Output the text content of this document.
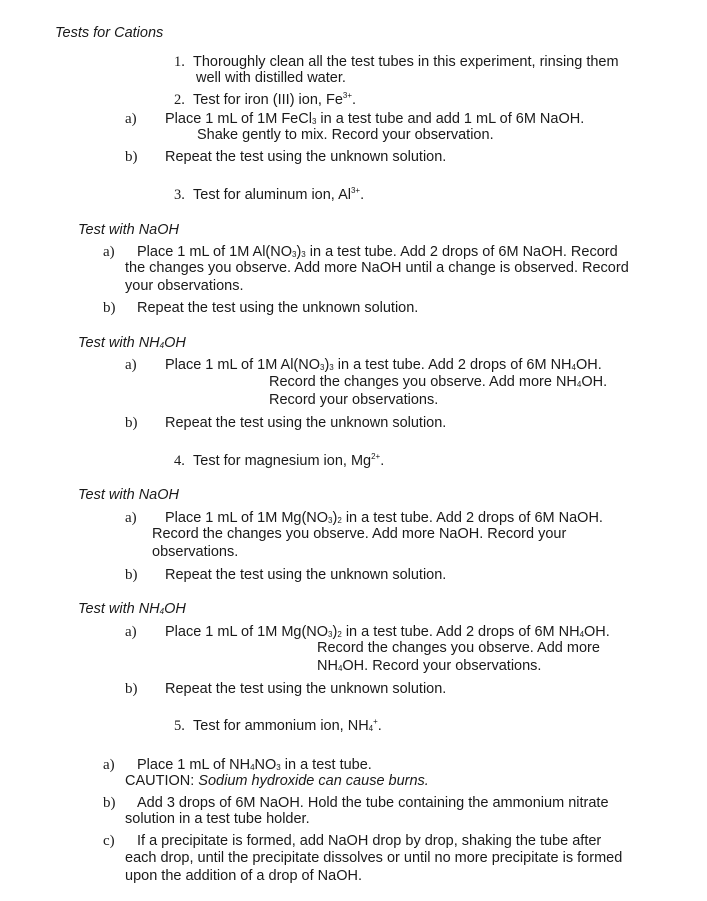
Tests for Cations
1. Thoroughly clean all the test tubes in this experiment, rinsing them
well with distilled water.
2. Test for iron (III) ion, $Fe^{3+}$.
a) Place 1 mL of 1M FeCl$_3$ in a test tube and add 1 mL of 6M NaOH.
Shake gently to mix. Record your observation.
b) Repeat the test using the unknown solution.
3. Test for aluminum ion, $Al^{3+}$.
Test with NaOH
a) Place 1 mL of 1M $Al(NO_3)_3$ in a test tube. Add 2 drops of 6M NaOH. Record
the changes you observe. Add more NaOH until a change is observed. Record
your observations.
b) Repeat the test using the unknown solution.
Test with $NH_4OH$
a) Place 1 mL of 1M $Al(NO_3)_3$ in a test tube. Add 2 drops of 6M $NH_4OH$.
Record the changes you observe. Add more $NH_4OH$.
Record your observations.
b) Repeat the test using the unknown solution.
4. Test for magnesium ion, $Mg^{2+}$.
Test with NaOH
a) Place 1 mL of 1M $Mg(NO_3)_2$ in a test tube. Add 2 drops of 6M NaOH.
Record the changes you observe. Add more NaOH. Record your
observations.
b) Repeat the test using the unknown solution.
Test with $NH_4OH$
a) Place 1 mL of 1M $Mg(NO_3)_2$ in a test tube. Add 2 drops of 6M $NH_4OH$.
Record the changes you observe. Add more
$NH_4OH$. Record your observations.
b) Repeat the test using the unknown solution.
5. Test for ammonium ion, $NH_4^+$.
a) Place 1 mL of $NH_4NO_3$ in a test tube.
CAUTION: Sodium hydroxide can cause burns.
b) Add 3 drops of 6M NaOH. Hold the tube containing the ammonium nitrate
solution in a test tube holder.
c) If a precipitate is formed, add NaOH drop by drop, shaking the tube after
each drop, until the precipitate dissolves or until no more precipitate is formed
upon the addition of a drop of NaOH.
